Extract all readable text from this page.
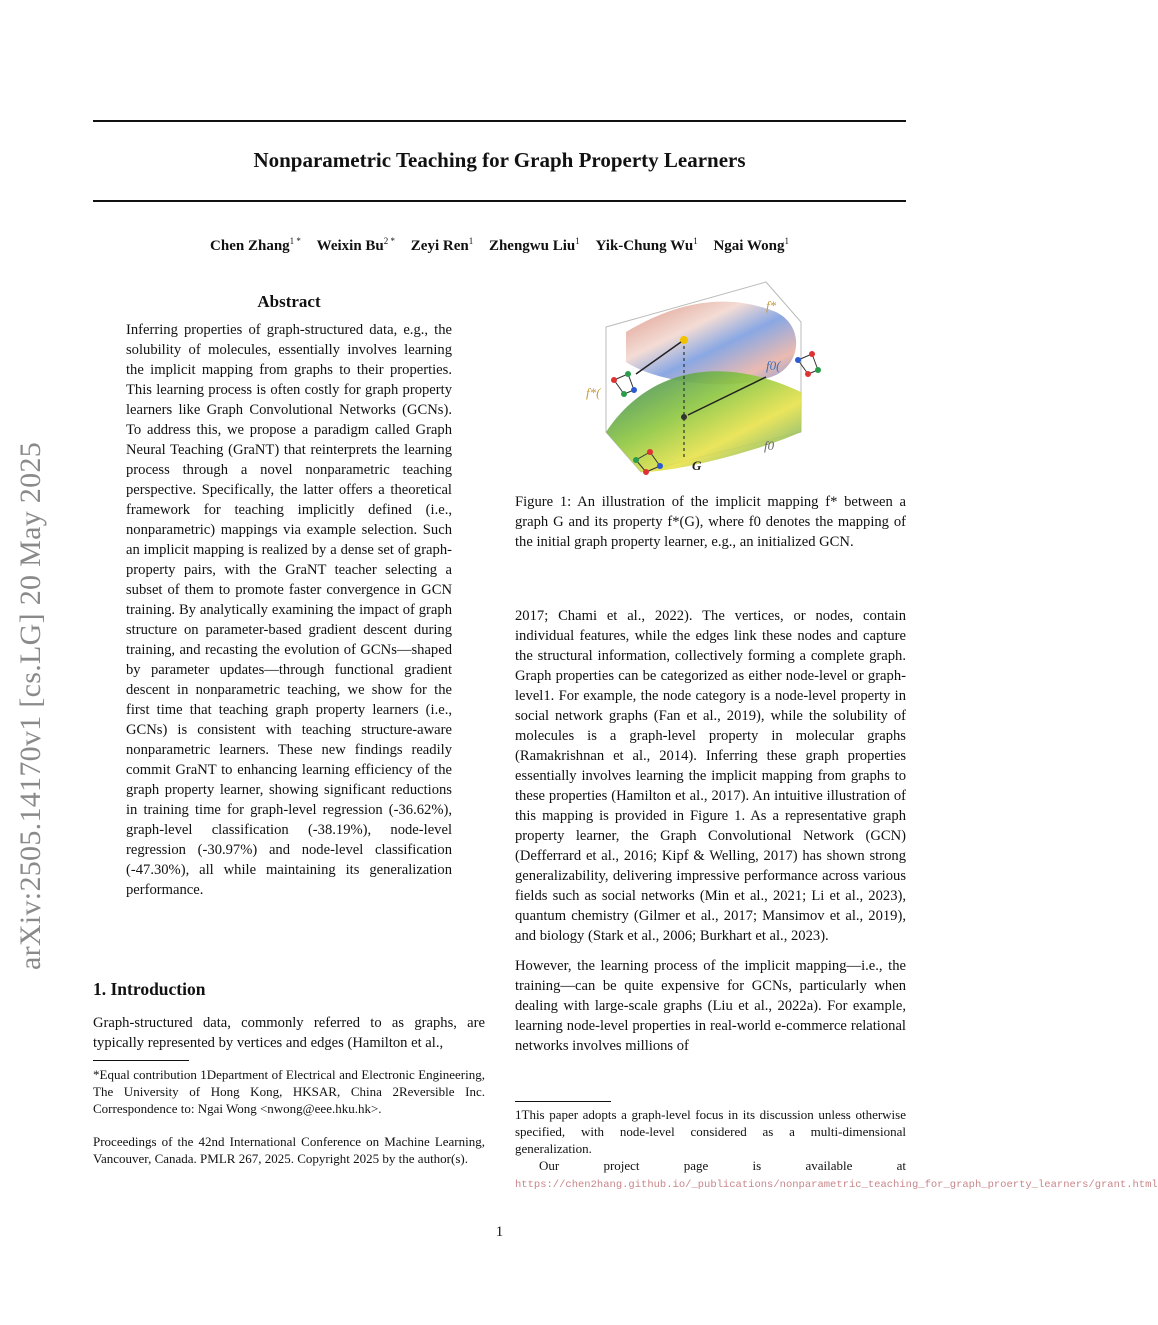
Nonparametric Teaching for Graph Property Learners
Chen Zhang$^{1 *}$ Weixin $Bu^{2 *}$ Zeyi Ren$^1$ Zhengwu Liu$^1$ Yik-Chung Wu$^1$ Ngai Wong$^1$
arXiv:2505.14170v1 [cs.LG] 20 May 2025
Abstract
Inferring properties of graph-structured data, e.g., the solubility of molecules, essentially involves learning the implicit mapping from graphs to their properties. This learning process is often costly for graph property learners like Graph Convolutional Networks (GCNs). To address this, we propose a paradigm called Graph Neural Teaching (GraNT) that reinterprets the learning process through a novel nonparametric teaching perspective. Specifically, the latter offers a theoretical framework for teaching implicitly defined (i.e., nonparametric) mappings via example selection. Such an implicit mapping is realized by a dense set of graph-property pairs, with the GraNT teacher selecting a subset of them to promote faster convergence in GCN training. By analytically examining the impact of graph structure on parameter-based gradient descent during training, and recasting the evolution of GCNs—shaped by parameter updates—through functional gradient descent in nonparametric teaching, we show for the first time that teaching graph property learners (i.e., GCNs) is consistent with teaching structure-aware nonparametric learners. These new findings readily commit GraNT to enhancing learning efficiency of the graph property learner, showing significant reductions in training time for graph-level regression (-36.62%), graph-level classification (-38.19%), node-level regression (-30.97%) and node-level classification (-47.30%), all while maintaining its generalization performance.
1. Introduction
Graph-structured data, commonly referred to as graphs, are typically represented by vertices and edges (Hamilton et al.,

*Equal contribution 1Department of Electrical and Electronic Engineering, The University of Hong Kong, HKSAR, China 2Reversible Inc. Correspondence to: Ngai Wong <nwong@eee.hku.hk>.

Proceedings of the 42nd International Conference on Machine Learning, Vancouver, Canada. PMLR 267, 2025. Copyright 2025 by the author(s).

f*
f0(
f*(
f0
G
Figure 1: An illustration of the implicit mapping f* between a graph G and its property f*(G), where f0 denotes the mapping of the initial graph property learner, e.g., an initialized GCN.

2017; Chami et al., 2022). The vertices, or nodes, contain individual features, while the edges link these nodes and capture the structural information, collectively forming a complete graph. Graph properties can be categorized as either node-level or graph-level1. For example, the node category is a node-level property in social network graphs (Fan et al., 2019), while the solubility of molecules is a graph-level property in molecular graphs (Ramakrishnan et al., 2014). Inferring these graph properties essentially involves learning the implicit mapping from graphs to these properties (Hamilton et al., 2017). An intuitive illustration of this mapping is provided in Figure 1. As a representative graph property learner, the Graph Convolutional Network (GCN) (Defferrard et al., 2016; Kipf & Welling, 2017) has shown strong generalizability, delivering impressive performance across various fields such as social networks (Min et al., 2021; Li et al., 2023), quantum chemistry (Gilmer et al., 2017; Mansimov et al., 2019), and biology (Stark et al., 2006; Burkhart et al., 2023).

However, the learning process of the implicit mapping—i.e., the training—can be quite expensive for GCNs, particularly when dealing with large-scale graphs (Liu et al., 2022a). For example, learning node-level properties in real-world e-commerce relational networks involves millions of

1This paper adopts a graph-level focus in its discussion unless otherwise specified, with node-level considered as a multi-dimensional generalization.

Our project page is available at https://chen2hang.github.io/_publications/nonparametric_teaching_for_graph_proerty_learners/grant.html

1
